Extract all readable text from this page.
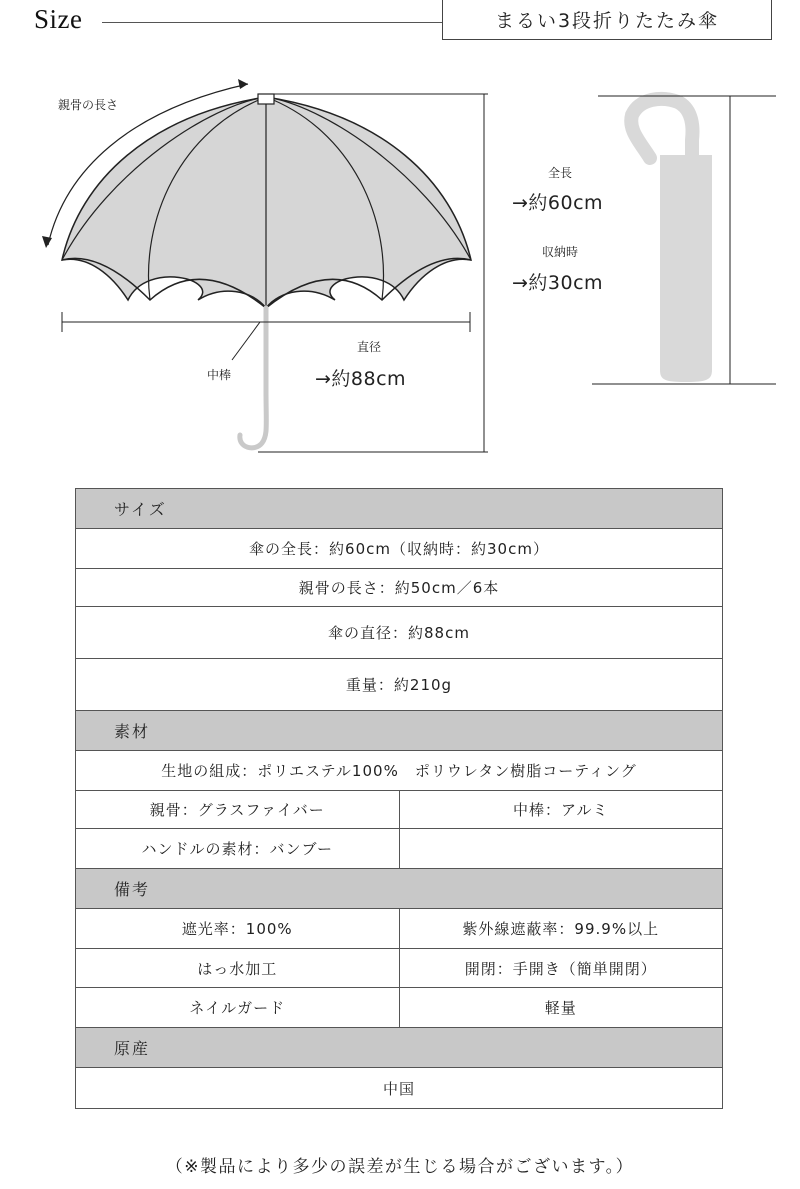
Size	まるい3段折りたたみ傘
親骨の長さ
中棒
直径
→約88cm
全長
→約60cm
収納時
→約30cm
サイズ
傘の全長：約60cm（収納時：約30cm）
親骨の長さ：約50cm／6本
傘の直径：約88cm
重量：約210g
素材
生地の組成：ポリエステル100%　ポリウレタン樹脂コーティング
親骨：グラスファイバー	中棒：アルミ
ハンドルの素材：バンブー
備考
遮光率：100%	紫外線遮蔽率：99.9%以上
はっ水加工	開閉：手開き（簡単開閉）
ネイルガード	軽量
原産
中国
（※製品により多少の誤差が生じる場合がございます。）
